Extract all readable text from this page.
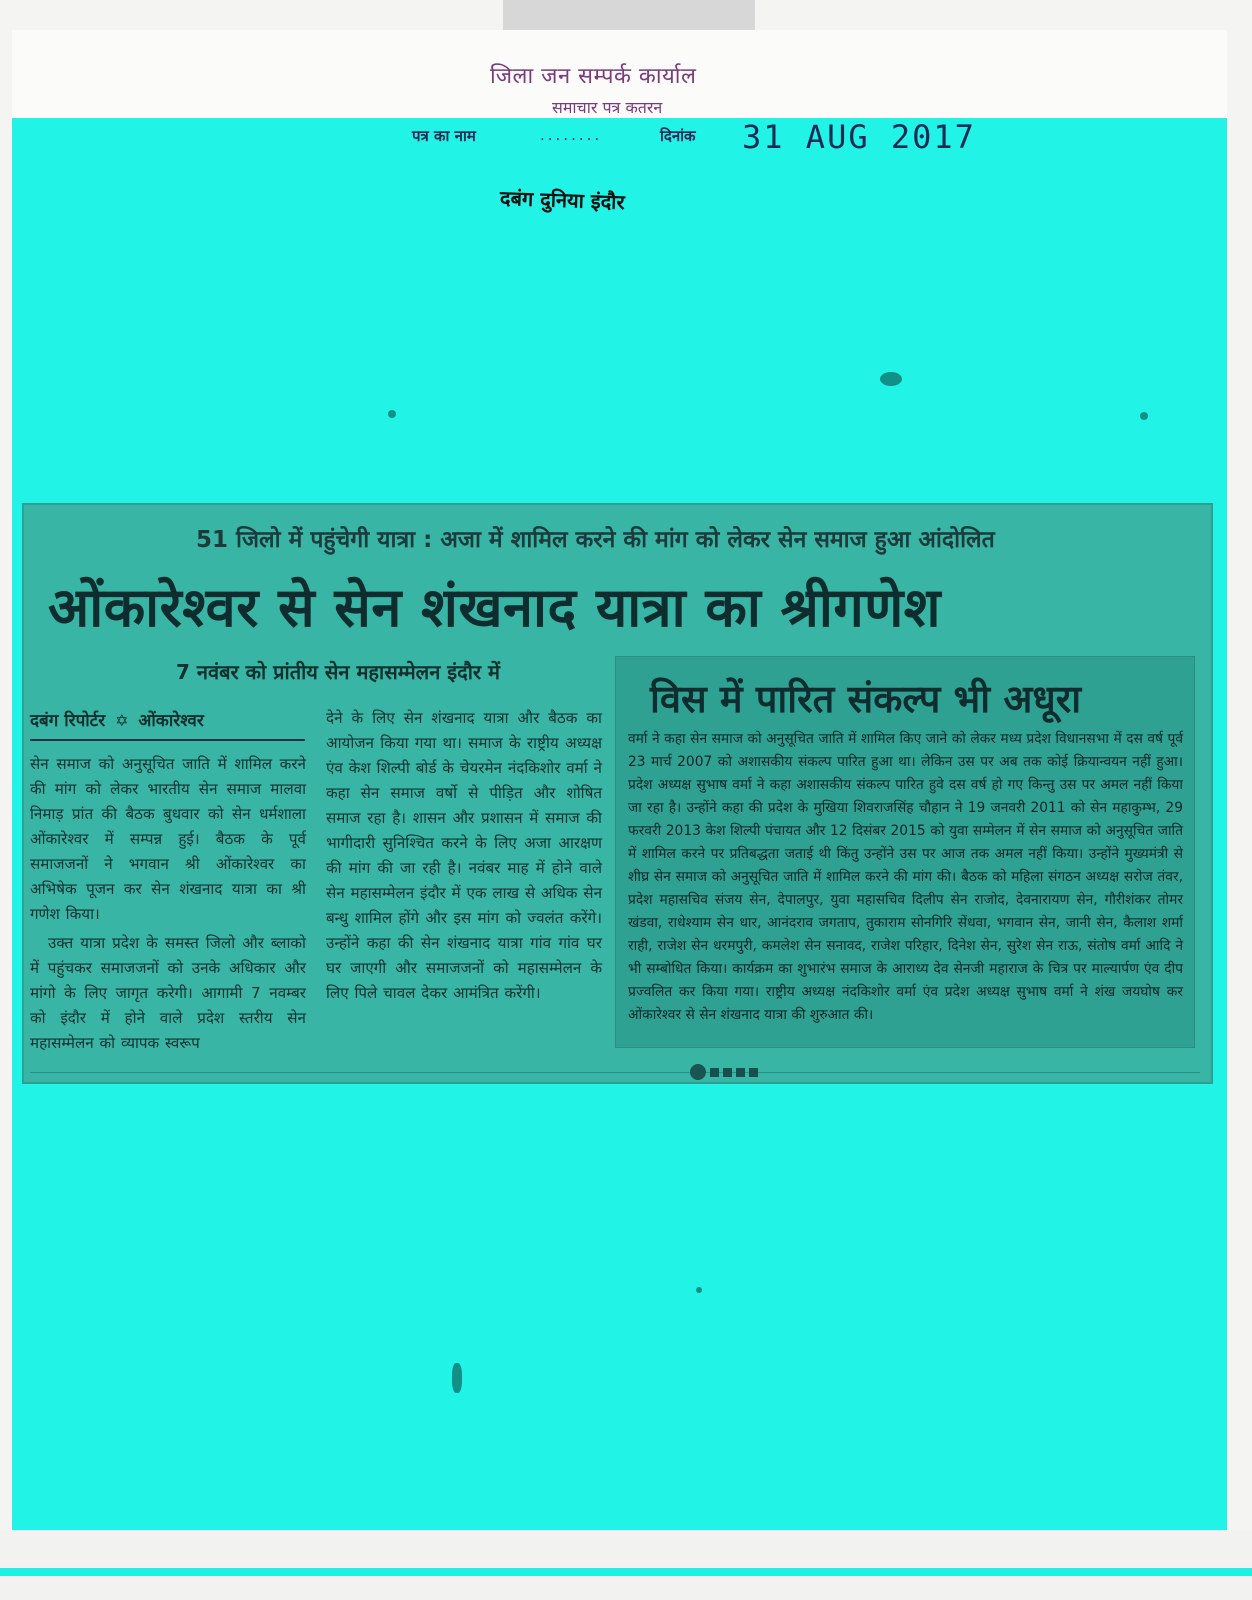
जिला जन सम्पर्क कार्याल
समाचार पत्र कतरन
पत्र का नाम	........	दिनांक 31 AUG 2017
दबंग दुनिया इंदौर
51 जिलो में पहुंचेगी यात्रा : अजा में शामिल करने की मांग को लेकर सेन समाज हुआ आंदोलित
ओंकारेश्वर से सेन शंखनाद यात्रा का श्रीगणेश
7 नवंबर को प्रांतीय सेन महासम्मेलन इंदौर में
दबंग रिपोर्टर ✡ ओंकारेश्वर
सेन समाज को अनुसूचित जाति में शामिल करने की मांग को लेकर भारतीय सेन समाज मालवा निमाड़ प्रांत की बैठक बुधवार को सेन धर्मशाला ओंकारेश्वर में सम्पन्न हुई। बैठक के पूर्व समाजजनों ने भगवान श्री ओंकारेश्वर का अभिषेक पूजन कर सेन शंखनाद यात्रा का श्री गणेश किया।
उक्त यात्रा प्रदेश के समस्त जिलो और ब्लाको में पहुंचकर समाजजनों को उनके अधिकार और मांगो के लिए जागृत करेगी। आगामी 7 नवम्बर को इंदौर में होने वाले प्रदेश स्तरीय सेन महासम्मेलन को व्यापक स्वरूप
देने के लिए सेन शंखनाद यात्रा और बैठक का आयोजन किया गया था। समाज के राष्ट्रीय अध्यक्ष एंव केश शिल्पी बोर्ड के चेयरमेन नंदकिशोर वर्मा ने कहा सेन समाज वर्षो से पीड़ित और शोषित समाज रहा है। शासन और प्रशासन में समाज की भागीदारी सुनिश्चित करने के लिए अजा आरक्षण की मांग की जा रही है। नवंबर माह में होने वाले सेन महासम्मेलन इंदौर में एक लाख से अधिक सेन बन्धु शामिल होंगे और इस मांग को ज्वलंत करेंगे। उन्होंने कहा की सेन शंखनाद यात्रा गांव गांव घर घर जाएगी और समाजजनों को महासम्मेलन के लिए पिले चावल देकर आमंत्रित करेंगी।
विस में पारित संकल्प भी अधूरा
वर्मा ने कहा सेन समाज को अनुसूचित जाति में शामिल किए जाने को लेकर मध्य प्रदेश विधानसभा में दस वर्ष पूर्व 23 मार्च 2007 को अशासकीय संकल्प पारित हुआ था। लेकिन उस पर अब तक कोई क्रियान्वयन नहीं हुआ। प्रदेश अध्यक्ष सुभाष वर्मा ने कहा अशासकीय संकल्प पारित हुवे दस वर्ष हो गए किन्तु उस पर अमल नहीं किया जा रहा है। उन्होंने कहा की प्रदेश के मुखिया शिवराजसिंह चौहान ने 19 जनवरी 2011 को सेन महाकुम्भ, 29 फरवरी 2013 केश शिल्पी पंचायत और 12 दिसंबर 2015 को युवा सम्मेलन में सेन समाज को अनुसूचित जाति में शामिल करने पर प्रतिबद्धता जताई थी किंतु उन्होंने उस पर आज तक अमल नहीं किया। उन्होंने मुख्यमंत्री से शीघ्र सेन समाज को अनुसूचित जाति में शामिल करने की मांग की। बैठक को महिला संगठन अध्यक्ष सरोज तंवर, प्रदेश महासचिव संजय सेन, देपालपुर, युवा महासचिव दिलीप सेन राजोद, देवनारायण सेन, गौरीशंकर तोमर खंडवा, राधेश्याम सेन धार, आनंदराव जगताप, तुकाराम सोनगिरि सेंधवा, भगवान सेन, जानी सेन, कैलाश शर्मा राही, राजेश सेन धरमपुरी, कमलेश सेन सनावद, राजेश परिहार, दिनेश सेन, सुरेश सेन राऊ, संतोष वर्मा आदि ने भी सम्बोधित किया। कार्यक्रम का शुभारंभ समाज के आराध्य देव सेनजी महाराज के चित्र पर माल्यार्पण एंव दीप प्रज्वलित कर किया गया। राष्ट्रीय अध्यक्ष नंदकिशोर वर्मा एंव प्रदेश अध्यक्ष सुभाष वर्मा ने शंख जयघोष कर ओंकारेश्वर से सेन शंखनाद यात्रा की शुरुआत की।
